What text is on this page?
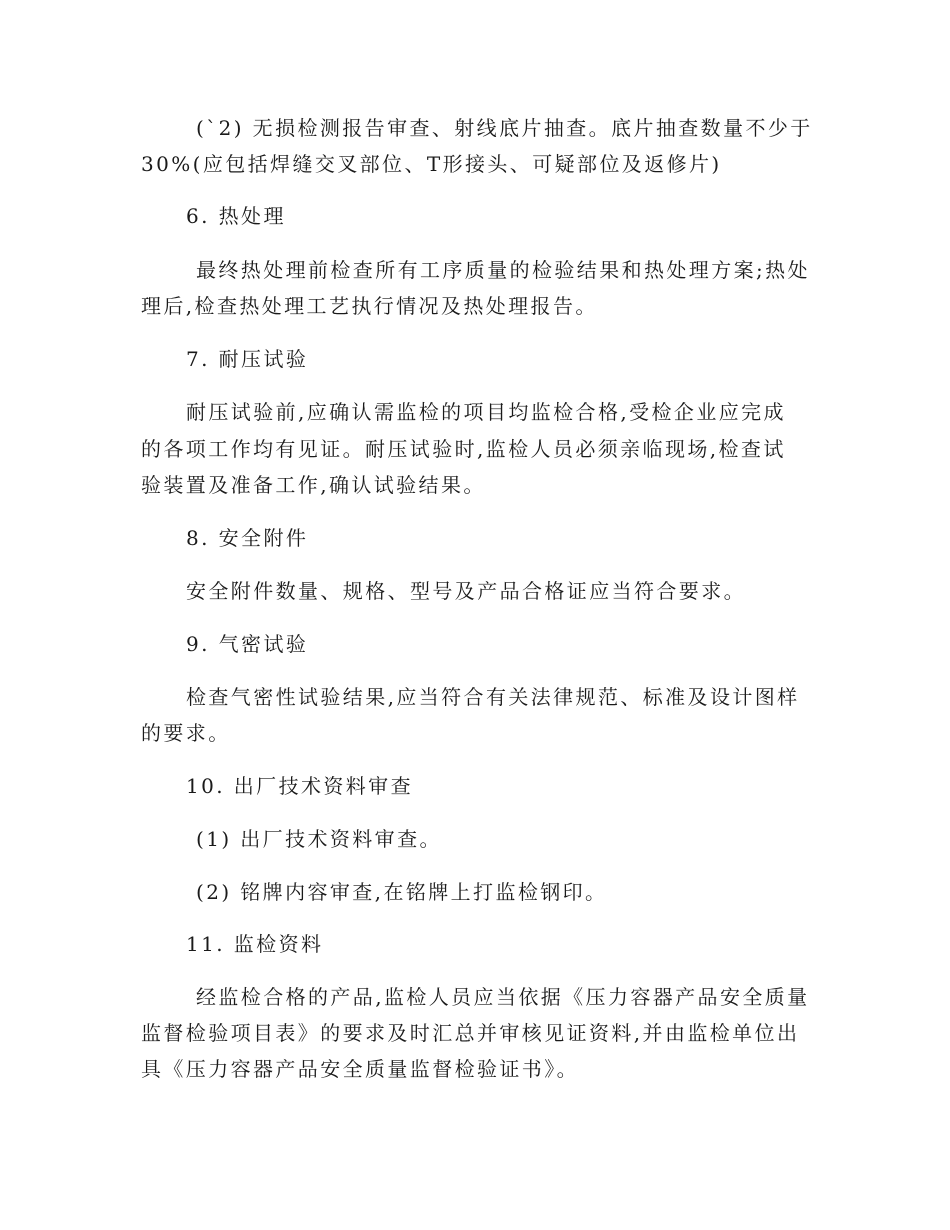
(`2) 无损检测报告审查、射线底片抽查。底片抽查数量不少于
30%(应包括焊缝交叉部位、T形接头、可疑部位及返修片)
6. 热处理
最终热处理前检查所有工序质量的检验结果和热处理方案;热处
理后,检查热处理工艺执行情况及热处理报告。
7. 耐压试验
耐压试验前,应确认需监检的项目均监检合格,受检企业应完成
的各项工作均有见证。耐压试验时,监检人员必须亲临现场,检查试
验装置及准备工作,确认试验结果。
8. 安全附件
安全附件数量、规格、型号及产品合格证应当符合要求。
9. 气密试验
检查气密性试验结果,应当符合有关法律规范、标准及设计图样
的要求。
10. 出厂技术资料审查
(1) 出厂技术资料审查。
(2) 铭牌内容审查,在铭牌上打监检钢印。
11. 监检资料
经监检合格的产品,监检人员应当依据《压力容器产品安全质量
监督检验项目表》的要求及时汇总并审核见证资料,并由监检单位出
具《压力容器产品安全质量监督检验证书》。
